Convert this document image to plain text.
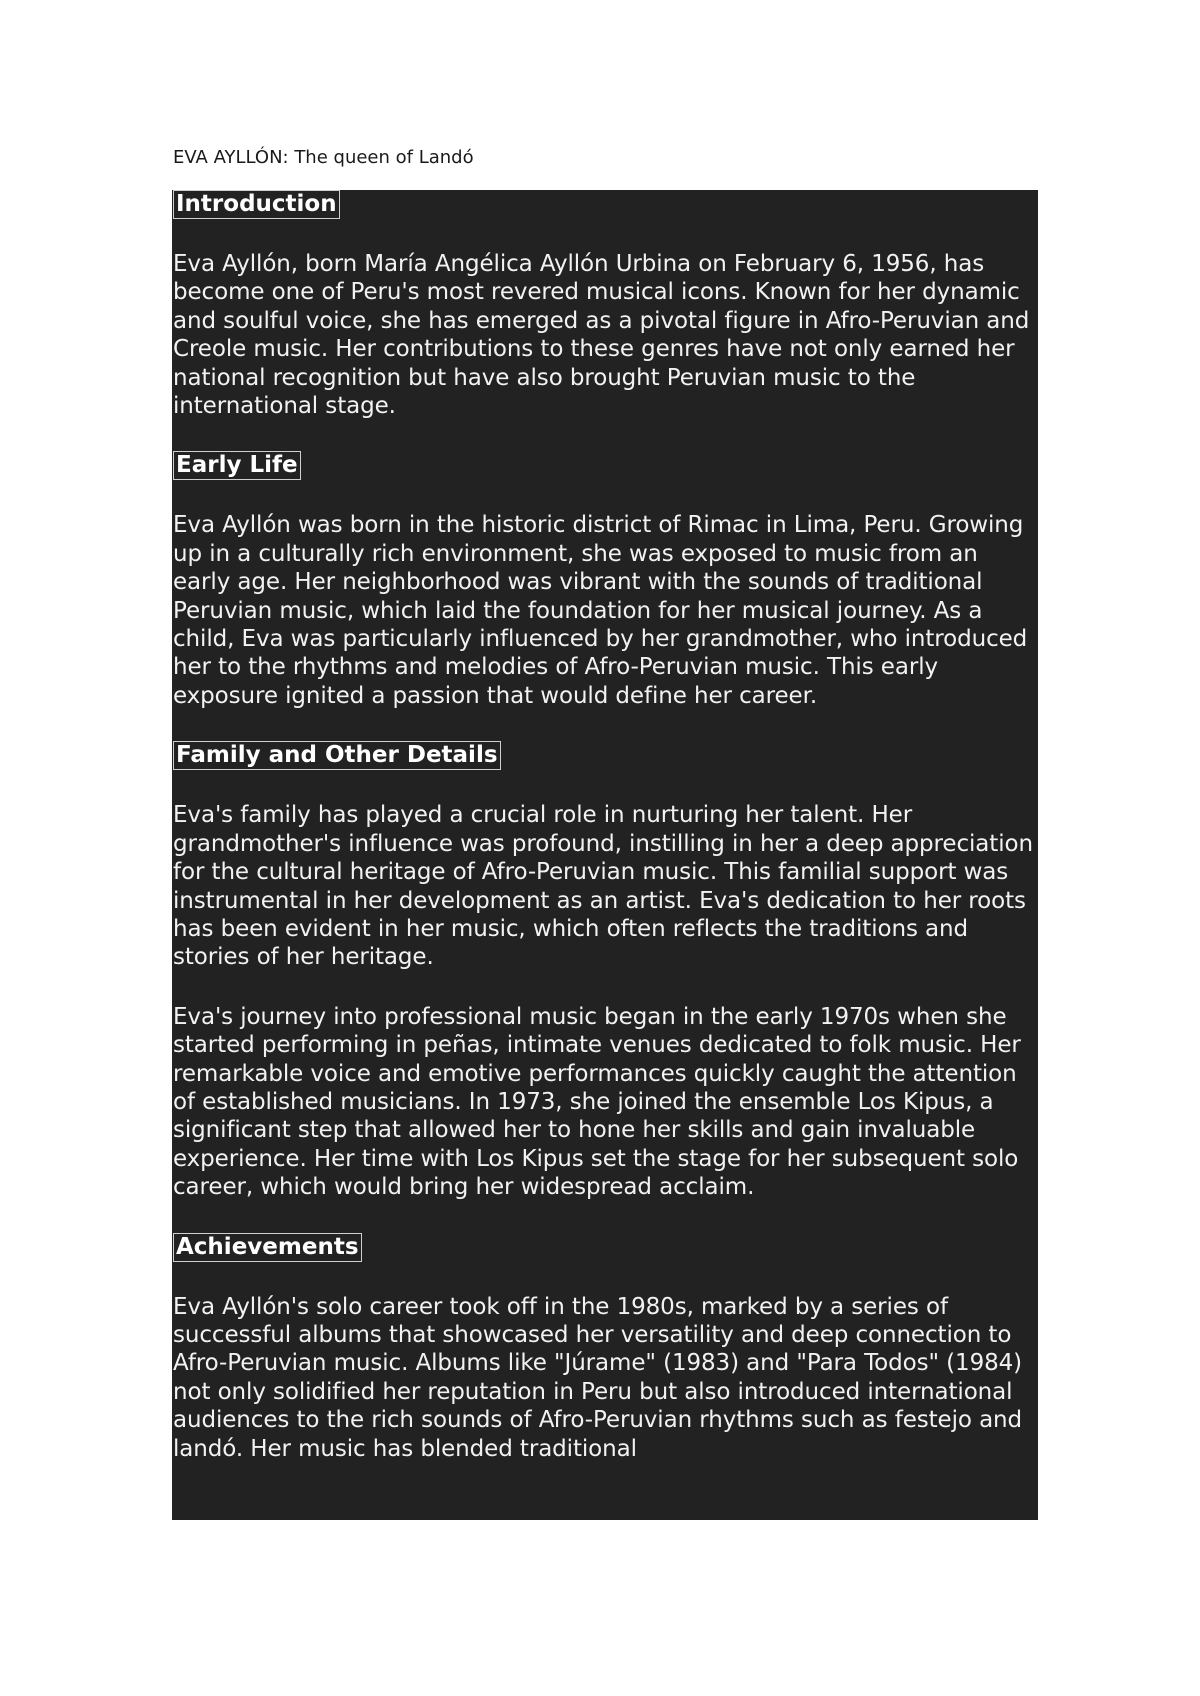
EVA AYLLÓN: The queen of Landó
Introduction

Eva Ayllón, born María Angélica Ayllón Urbina on February 6, 1956, has become one of Peru's most revered musical icons. Known for her dynamic and soulful voice, she has emerged as a pivotal figure in Afro-Peruvian and Creole music. Her contributions to these genres have not only earned her national recognition but have also brought Peruvian music to the international stage.

Early Life

Eva Ayllón was born in the historic district of Rimac in Lima, Peru. Growing up in a culturally rich environment, she was exposed to music from an early age. Her neighborhood was vibrant with the sounds of traditional Peruvian music, which laid the foundation for her musical journey. As a child, Eva was particularly influenced by her grandmother, who introduced her to the rhythms and melodies of Afro-Peruvian music. This early exposure ignited a passion that would define her career.

Family and Other Details

Eva's family has played a crucial role in nurturing her talent. Her grandmother's influence was profound, instilling in her a deep appreciation for the cultural heritage of Afro-Peruvian music. This familial support was instrumental in her development as an artist. Eva's dedication to her roots has been evident in her music, which often reflects the traditions and stories of her heritage.

Eva's journey into professional music began in the early 1970s when she started performing in peñas, intimate venues dedicated to folk music. Her remarkable voice and emotive performances quickly caught the attention of established musicians. In 1973, she joined the ensemble Los Kipus, a significant step that allowed her to hone her skills and gain invaluable experience. Her time with Los Kipus set the stage for her subsequent solo career, which would bring her widespread acclaim.

Achievements

Eva Ayllón's solo career took off in the 1980s, marked by a series of successful albums that showcased her versatility and deep connection to Afro-Peruvian music. Albums like "Júrame" (1983) and "Para Todos" (1984) not only solidified her reputation in Peru but also introduced international audiences to the rich sounds of Afro-Peruvian rhythms such as festejo and landó. Her music has blended traditional
